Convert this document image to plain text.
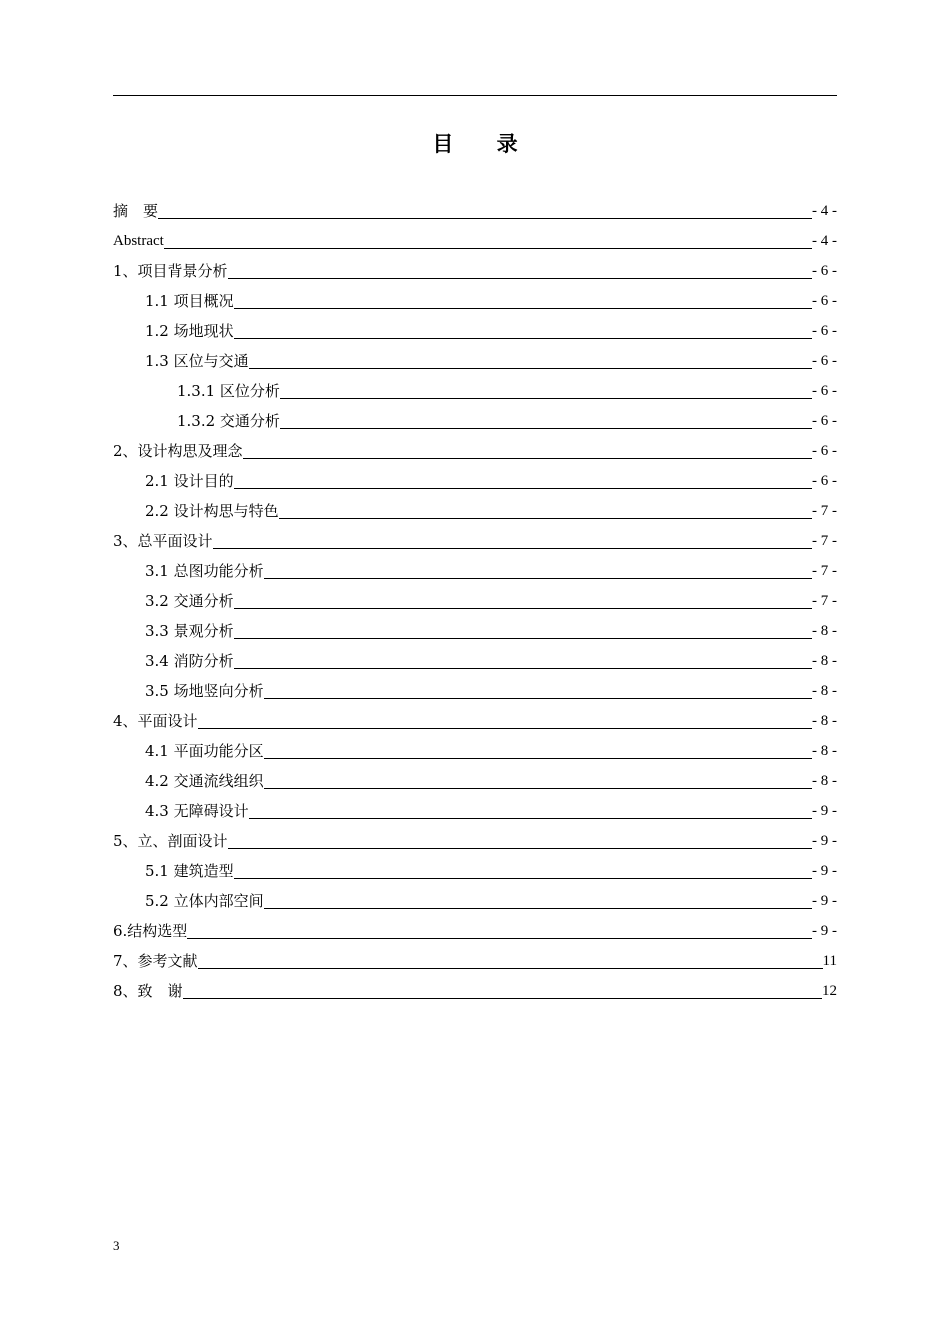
目 录
摘　要	- 4 -
Abstract	- 4 -
1、项目背景分析	- 6 -
1.1 项目概况	- 6 -
1.2 场地现状	- 6 -
1.3 区位与交通	- 6 -
1.3.1 区位分析	- 6 -
1.3.2 交通分析	- 6 -
2、设计构思及理念	- 6 -
2.1 设计目的	- 6 -
2.2 设计构思与特色	- 7 -
3、总平面设计	- 7 -
3.1 总图功能分析	- 7 -
3.2 交通分析	- 7 -
3.3 景观分析	- 8 -
3.4 消防分析	- 8 -
3.5 场地竖向分析	- 8 -
4、平面设计	- 8 -
4.1 平面功能分区	- 8 -
4.2 交通流线组织	- 8 -
4.3 无障碍设计	- 9 -
5、立、剖面设计	- 9 -
5.1 建筑造型	- 9 -
5.2 立体内部空间	- 9 -
6.结构选型	- 9 -
7、参考文献	11
8、致　谢	12
3
